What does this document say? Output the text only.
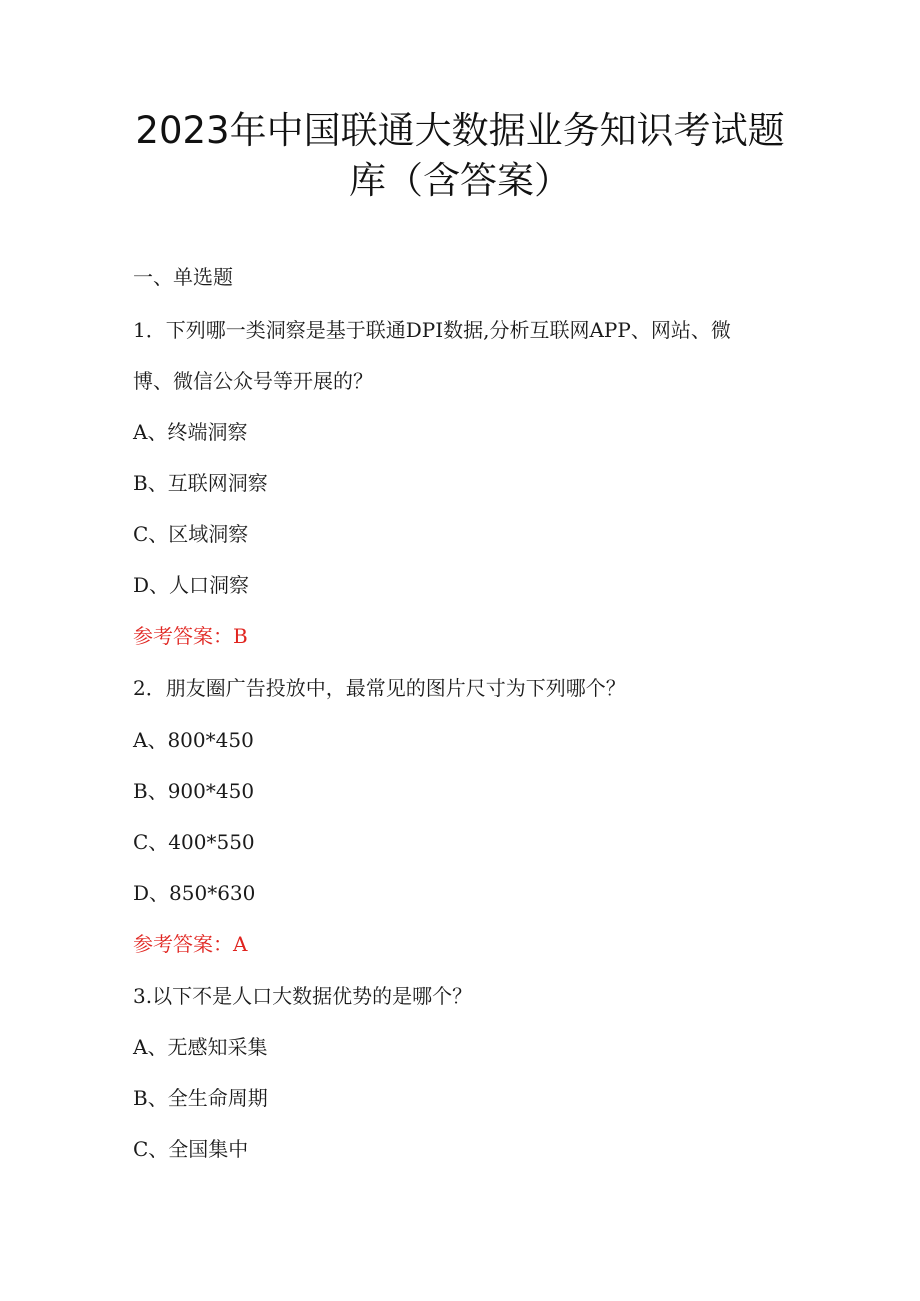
2023年中国联通大数据业务知识考试题
库（含答案）
一、单选题
1．下列哪一类洞察是基于联通DPI数据,分析互联网APP、网站、微
博、微信公众号等开展的？
A、终端洞察
B、互联网洞察
C、区域洞察
D、人口洞察
参考答案：B
2．朋友圈广告投放中，最常见的图片尺寸为下列哪个？
A、800*450
B、900*450
C、400*550
D、850*630
参考答案：A
3.以下不是人口大数据优势的是哪个？
A、无感知采集
B、全生命周期
C、全国集中
